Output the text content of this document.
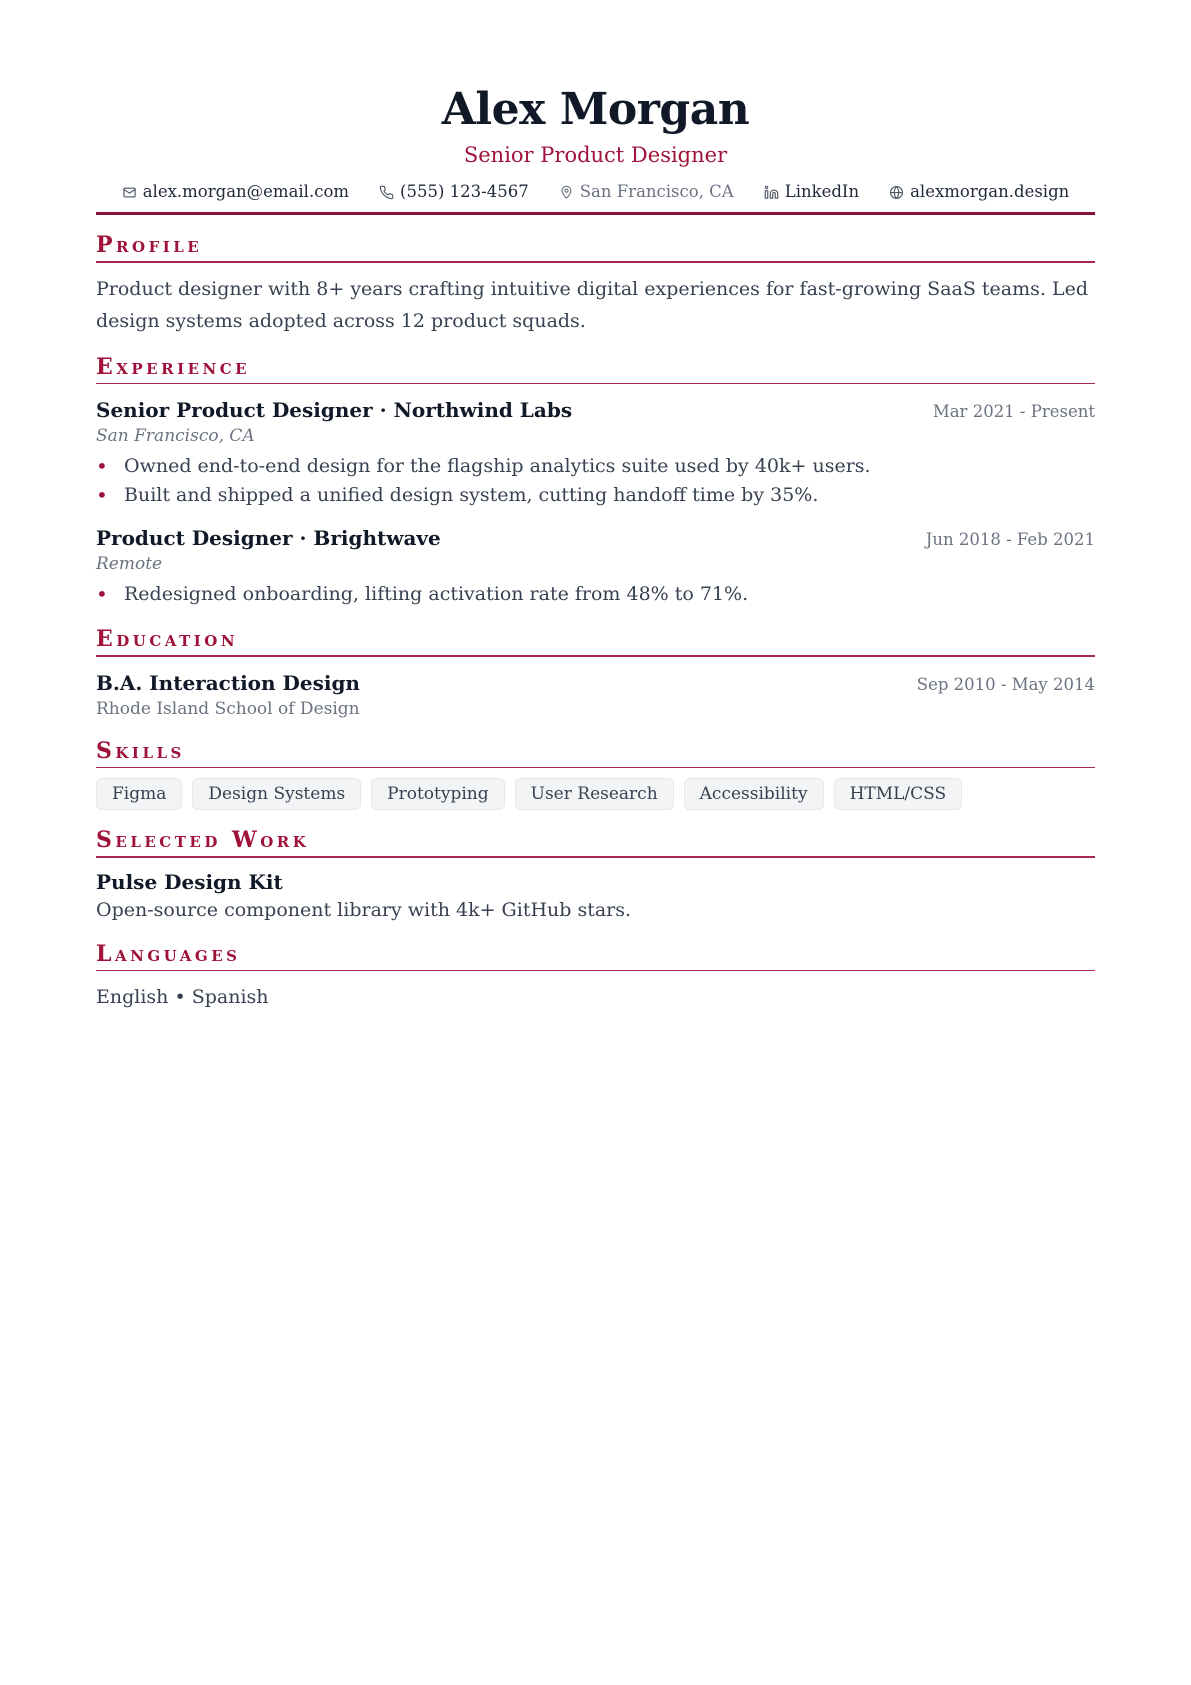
Alex Morgan
Senior Product Designer
alex.morgan@email.com	(555) 123-4567	San Francisco, CA	LinkedIn	alexmorgan.design
Profile
Product designer with 8+ years crafting intuitive digital experiences for fast-growing SaaS teams. Led design systems adopted across 12 product squads.
Experience
Senior Product Designer · Northwind Labs	Mar 2021 - Present
San Francisco, CA
• Owned end-to-end design for the flagship analytics suite used by 40k+ users.
• Built and shipped a unified design system, cutting handoff time by 35%.
Product Designer · Brightwave	Jun 2018 - Feb 2021
Remote
• Redesigned onboarding, lifting activation rate from 48% to 71%.
Education
B.A. Interaction Design	Sep 2010 - May 2014
Rhode Island School of Design
Skills
Figma	Design Systems	Prototyping	User Research	Accessibility	HTML/CSS
Selected Work
Pulse Design Kit
Open-source component library with 4k+ GitHub stars.
Languages
English • Spanish
